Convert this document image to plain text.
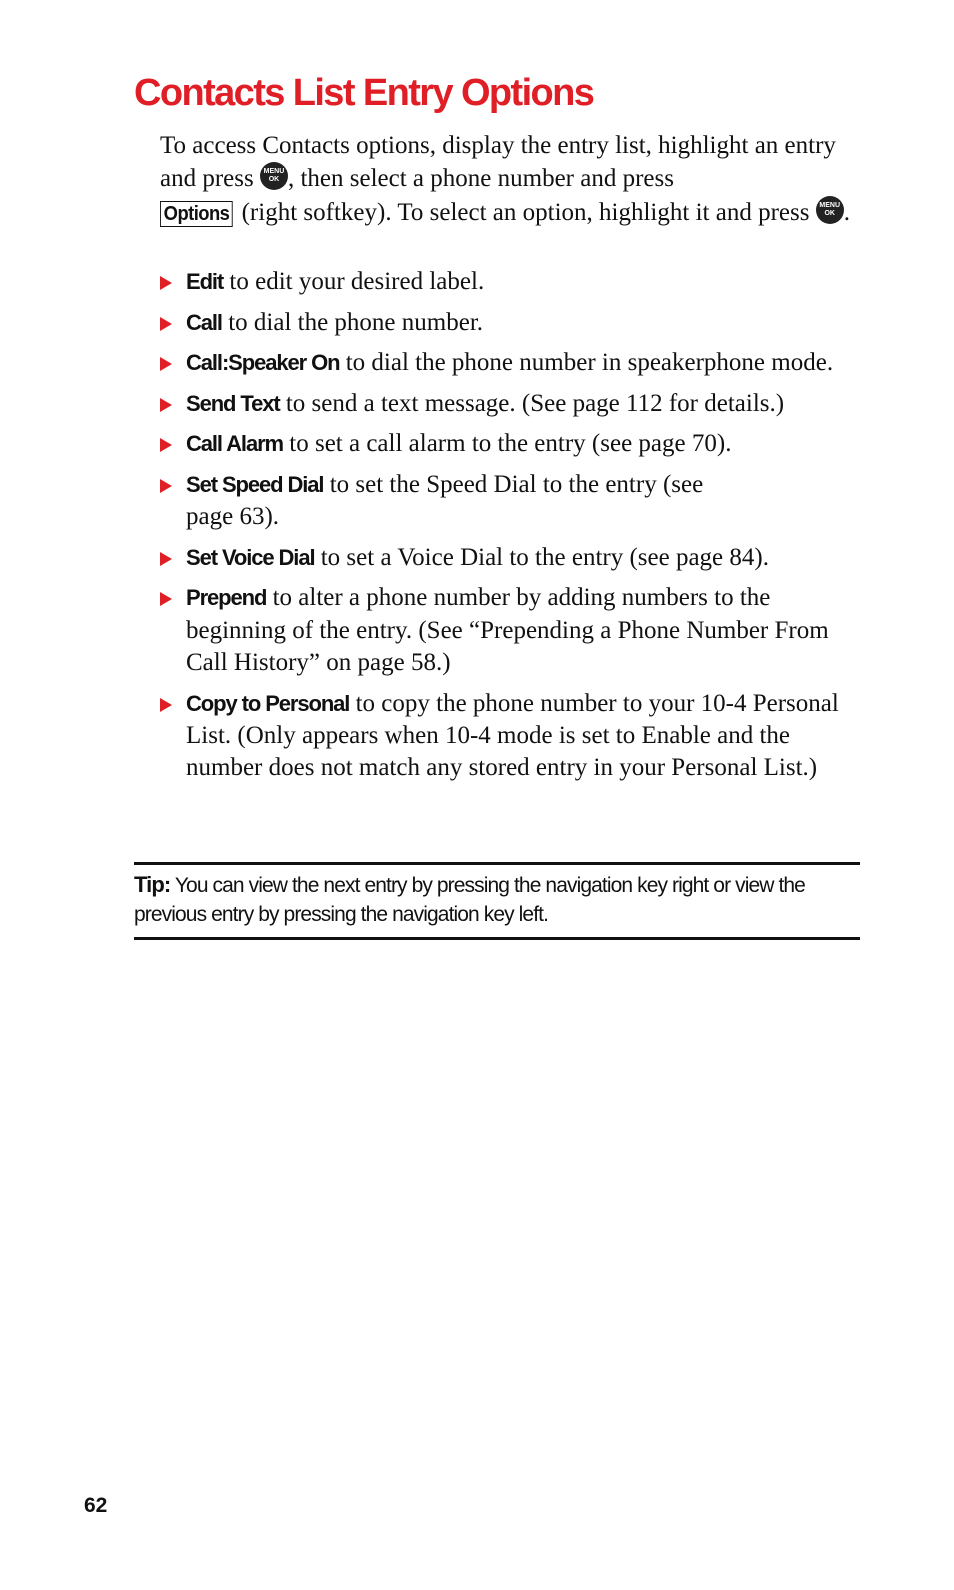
Contacts List Entry Options

To access Contacts options, display the entry list, highlight an entry and press MENU
OK , then select a phone number and press
Options (right softkey). To select an option, highlight it and press MENU
OK .

Edit to edit your desired label.
Call to dial the phone number.
Call:Speaker On to dial the phone number in speakerphone mode.
Send Text to send a text message. (See page 112 for details.)
Call Alarm to set a call alarm to the entry (see page 70).
Set Speed Dial to set the Speed Dial to the entry (see page 63).
Set Voice Dial to set a Voice Dial to the entry (see page 84).
Prepend to alter a phone number by adding numbers to the beginning of the entry. (See “Prepending a Phone Number From Call History” on page 58.)
Copy to Personal to copy the phone number to your 10-4 Personal List. (Only appears when 10-4 mode is set to Enable and the number does not match any stored entry in your Personal List.)
Tip: You can view the next entry by pressing the navigation key right or view the previous entry by pressing the navigation key left.
62
